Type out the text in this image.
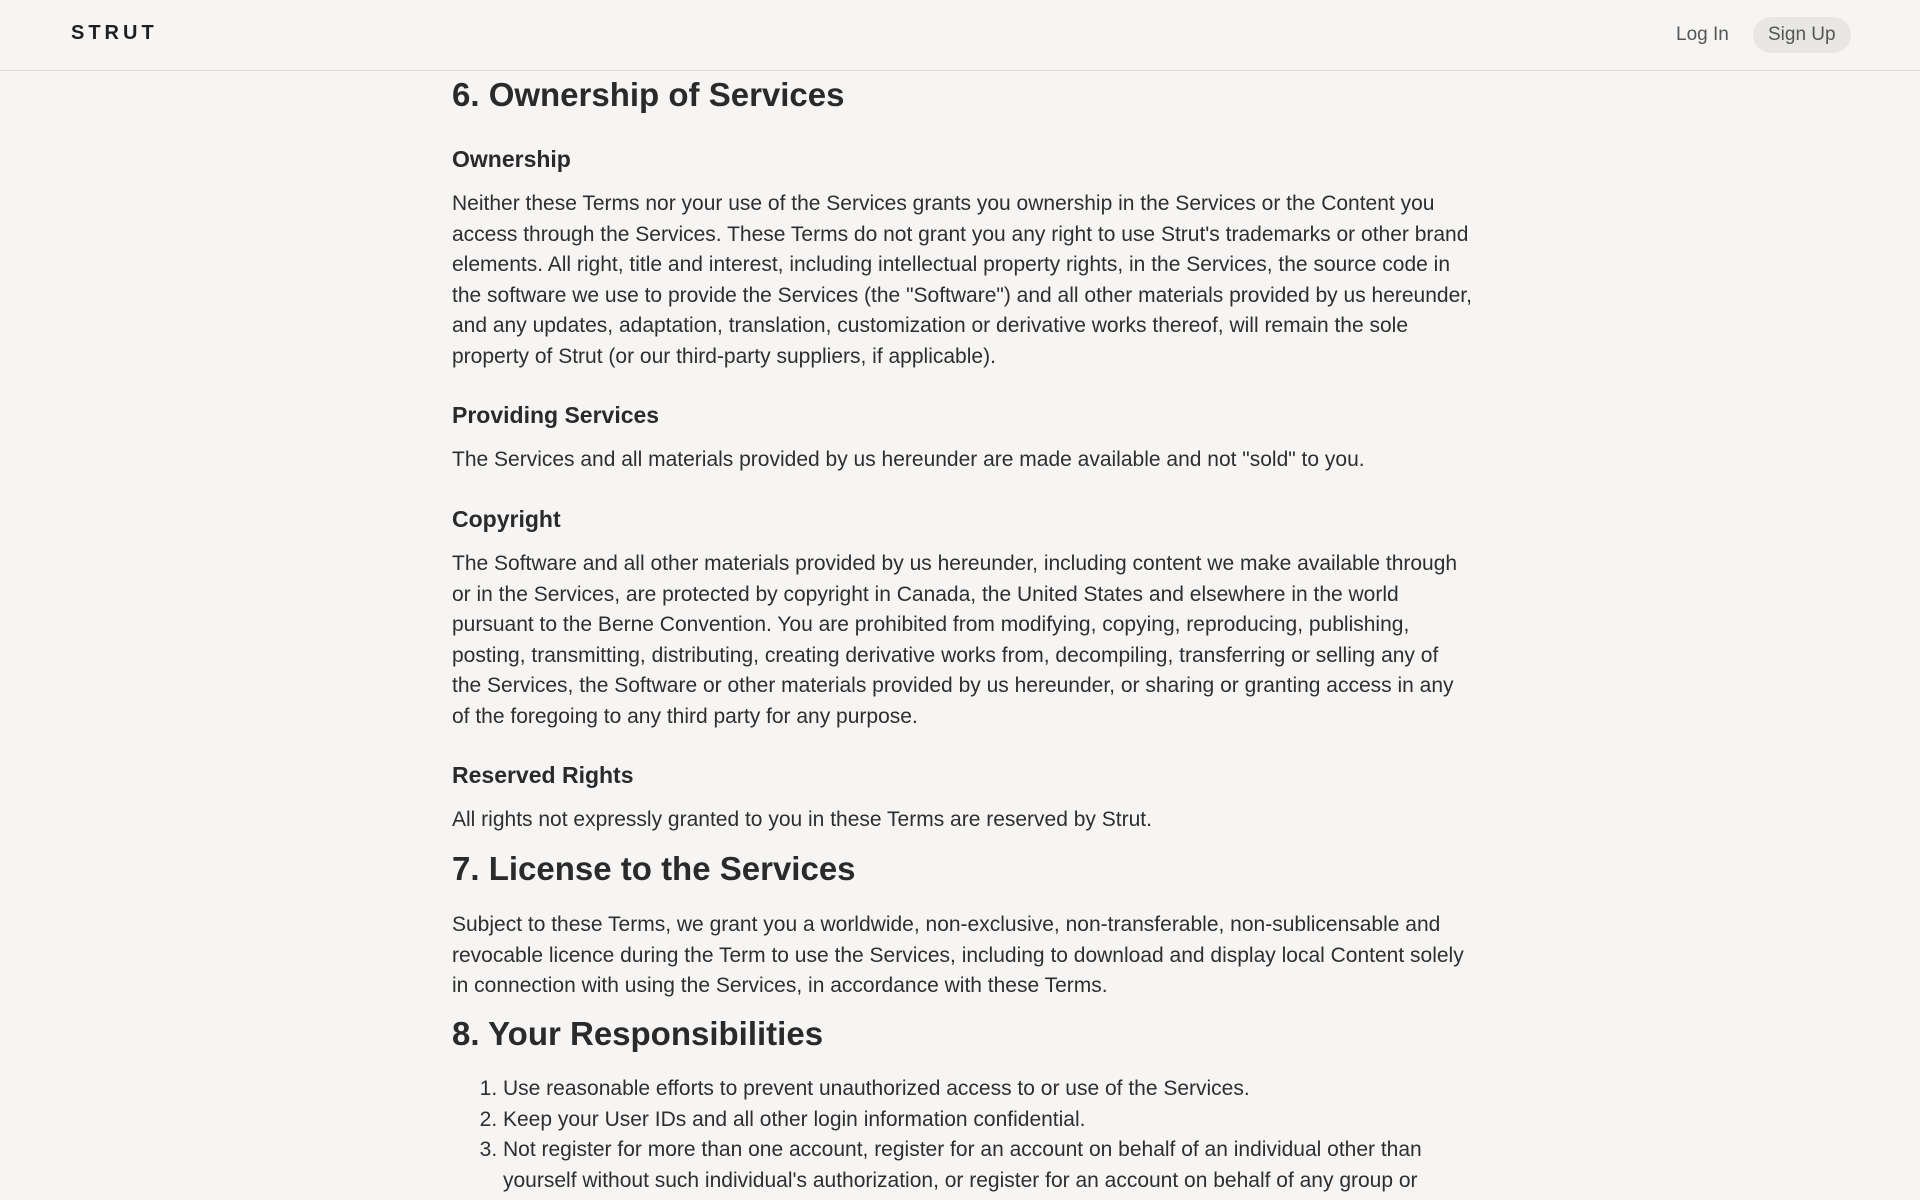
STRUT	Log In	Sign Up

6. Ownership of Services
Ownership

Neither these Terms nor your use of the Services grants you ownership in the Services or the Content you access through the Services. These Terms do not grant you any right to use Strut's trademarks or other brand elements. All right, title and interest, including intellectual property rights, in the Services, the source code in the software we use to provide the Services (the "Software") and all other materials provided by us hereunder, and any updates, adaptation, translation, customization or derivative works thereof, will remain the sole property of Strut (or our third-party suppliers, if applicable).

Providing Services

The Services and all materials provided by us hereunder are made available and not "sold" to you.

Copyright

The Software and all other materials provided by us hereunder, including content we make available through or in the Services, are protected by copyright in Canada, the United States and elsewhere in the world pursuant to the Berne Convention. You are prohibited from modifying, copying, reproducing, publishing, posting, transmitting, distributing, creating derivative works from, decompiling, transferring or selling any of the Services, the Software or other materials provided by us hereunder, or sharing or granting access in any of the foregoing to any third party for any purpose.

Reserved Rights

All rights not expressly granted to you in these Terms are reserved by Strut.

7. License to the Services

Subject to these Terms, we grant you a worldwide, non-exclusive, non-transferable, non-sublicensable and revocable licence during the Term to use the Services, including to download and display local Content solely in connection with using the Services, in accordance with these Terms.

8. Your Responsibilities
1. Use reasonable efforts to prevent unauthorized access to or use of the Services.
2. Keep your User IDs and all other login information confidential.
3. Not register for more than one account, register for an account on behalf of an individual other than yourself without such individual's authorization, or register for an account on behalf of any group or
